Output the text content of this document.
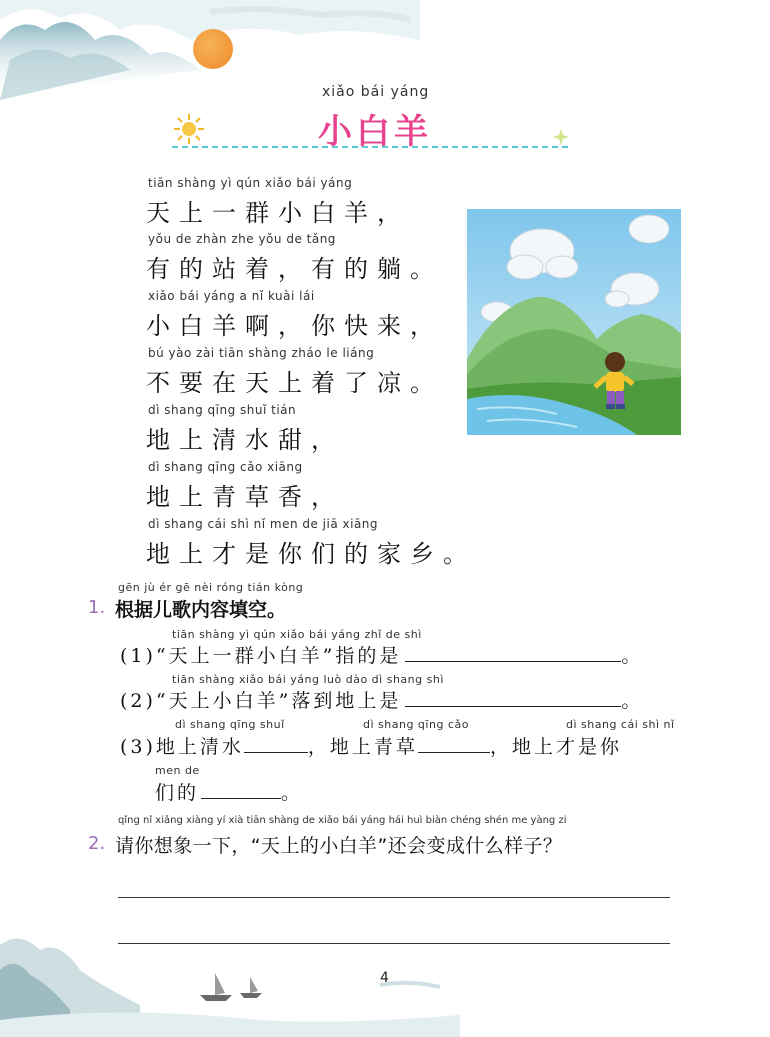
xiǎo bái yáng
小白羊
tiān shàng yì qún xiǎo bái yáng
天上一群小白羊，
yǒu de zhàn zhe yǒu de tǎng
有的站着，有的躺。
xiǎo bái yáng a nǐ kuài lái
小白羊啊，你快来，
bú yào zài tiān shàng zháo le liáng
不要在天上着了凉。
dì shang qīng shuǐ tián
地上清水甜，
dì shang qīng cǎo xiāng
地上青草香，
dì shang cái shì nǐ men de jiā xiāng
地上才是你们的家乡。
gēn jù ér gē nèi róng tián kòng
1. 根据儿歌内容填空。
tiān shàng yì qún xiǎo bái yáng zhǐ de shì
(1)“天上一群小白羊”指的是	。
tiān shàng xiǎo bái yáng luò dào dì shang shì
(2)“天上小白羊”落到地上是	。
dì shang qīng shuǐ	dì shang qīng cǎo	dì shang cái shì nǐ
(3)地上清水	，地上青草	，地上才是你
men de
们的	。
qǐng nǐ xiǎng xiàng yí xià tiān shàng de xiǎo bái yáng hái huì biàn chéng shén me yàng zi
2. 请你想象一下，“天上的小白羊”还会变成什么样子？
4
